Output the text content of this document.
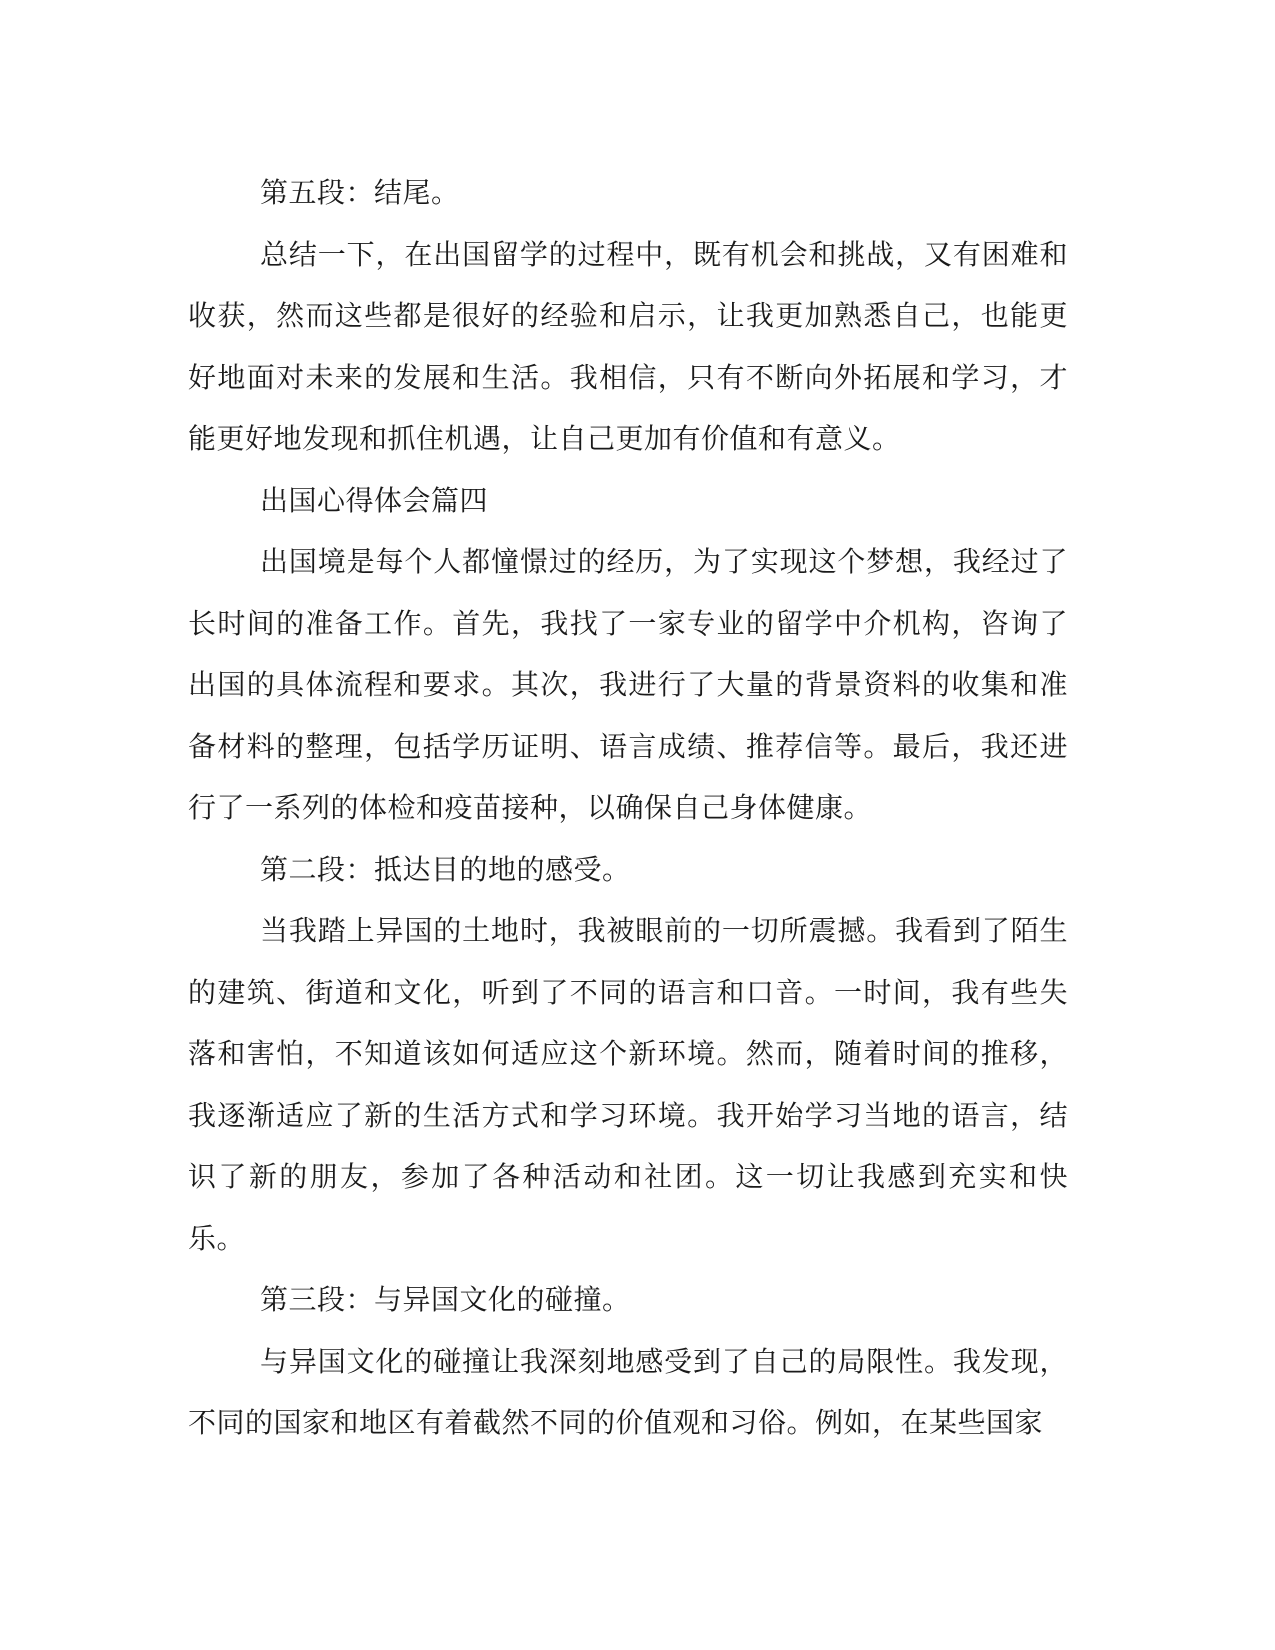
第五段：结尾。

总结一下，在出国留学的过程中，既有机会和挑战，又有困难和收获，然而这些都是很好的经验和启示，让我更加熟悉自己，也能更好地面对未来的发展和生活。我相信，只有不断向外拓展和学习，才能更好地发现和抓住机遇，让自己更加有价值和有意义。

出国心得体会篇四

出国境是每个人都憧憬过的经历，为了实现这个梦想，我经过了长时间的准备工作。首先，我找了一家专业的留学中介机构，咨询了出国的具体流程和要求。其次，我进行了大量的背景资料的收集和准备材料的整理，包括学历证明、语言成绩、推荐信等。最后，我还进行了一系列的体检和疫苗接种，以确保自己身体健康。

第二段：抵达目的地的感受。

当我踏上异国的土地时，我被眼前的一切所震撼。我看到了陌生的建筑、街道和文化，听到了不同的语言和口音。一时间，我有些失落和害怕，不知道该如何适应这个新环境。然而，随着时间的推移，我逐渐适应了新的生活方式和学习环境。我开始学习当地的语言，结识了新的朋友，参加了各种活动和社团。这一切让我感到充实和快乐。

第三段：与异国文化的碰撞。

与异国文化的碰撞让我深刻地感受到了自己的局限性。我发现，不同的国家和地区有着截然不同的价值观和习俗。例如，在某些国家
